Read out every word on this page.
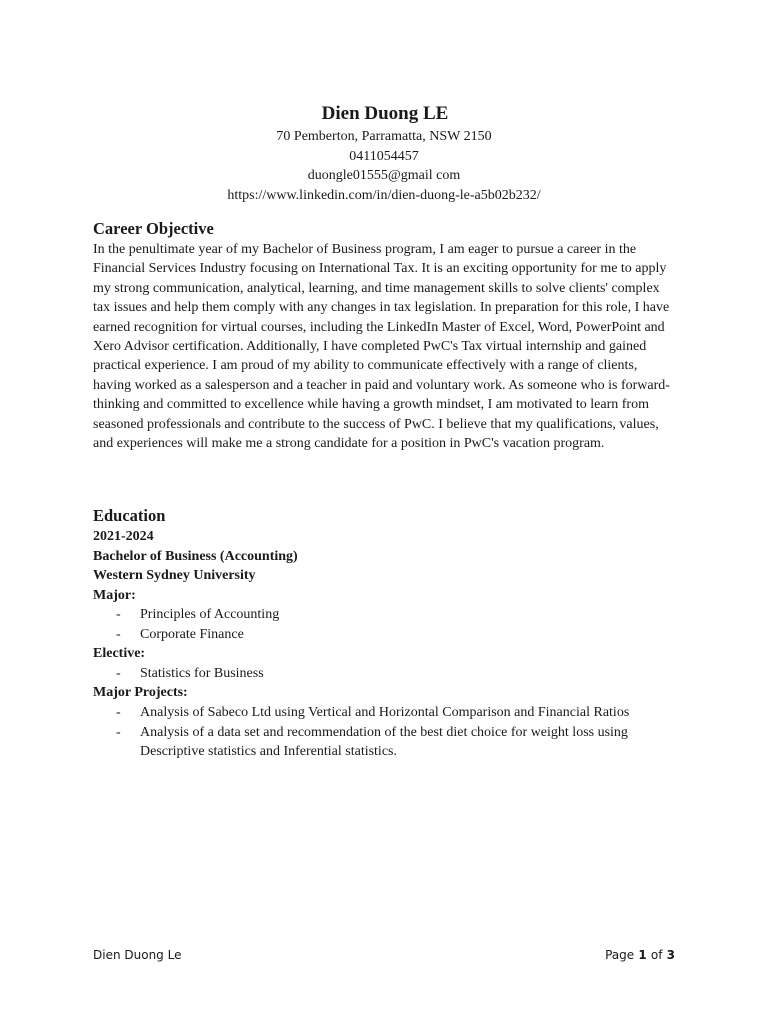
Dien Duong LE

70 Pemberton, Parramatta, NSW 2150

0411054457

duongle01555@gmail com

https://www.linkedin.com/in/dien-duong-le-a5b02b232/

Career Objective

In the penultimate year of my Bachelor of Business program, I am eager to pursue a career in the Financial Services Industry focusing on International Tax. It is an exciting opportunity for me to apply my strong communication, analytical, learning, and time management skills to solve clients' complex tax issues and help them comply with any changes in tax legislation. In preparation for this role, I have earned recognition for virtual courses, including the LinkedIn Master of Excel, Word, PowerPoint and Xero Advisor certification. Additionally, I have completed PwC's Tax virtual internship and gained practical experience. I am proud of my ability to communicate effectively with a range of clients, having worked as a salesperson and a teacher in paid and voluntary work. As someone who is forward-thinking and committed to excellence while having a growth mindset, I am motivated to learn from seasoned professionals and contribute to the success of PwC. I believe that my qualifications, values, and experiences will make me a strong candidate for a position in PwC's vacation program.

Education

2021-2024

Bachelor of Business (Accounting)

Western Sydney University

Major:

- Principles of Accounting
- Corporate Finance

Elective:

- Statistics for Business

Major Projects:

- Analysis of Sabeco Ltd using Vertical and Horizontal Comparison and Financial Ratios
- Analysis of a data set and recommendation of the best diet choice for weight loss using Descriptive statistics and Inferential statistics.
Dien Duong Le	Page 1 of 3
